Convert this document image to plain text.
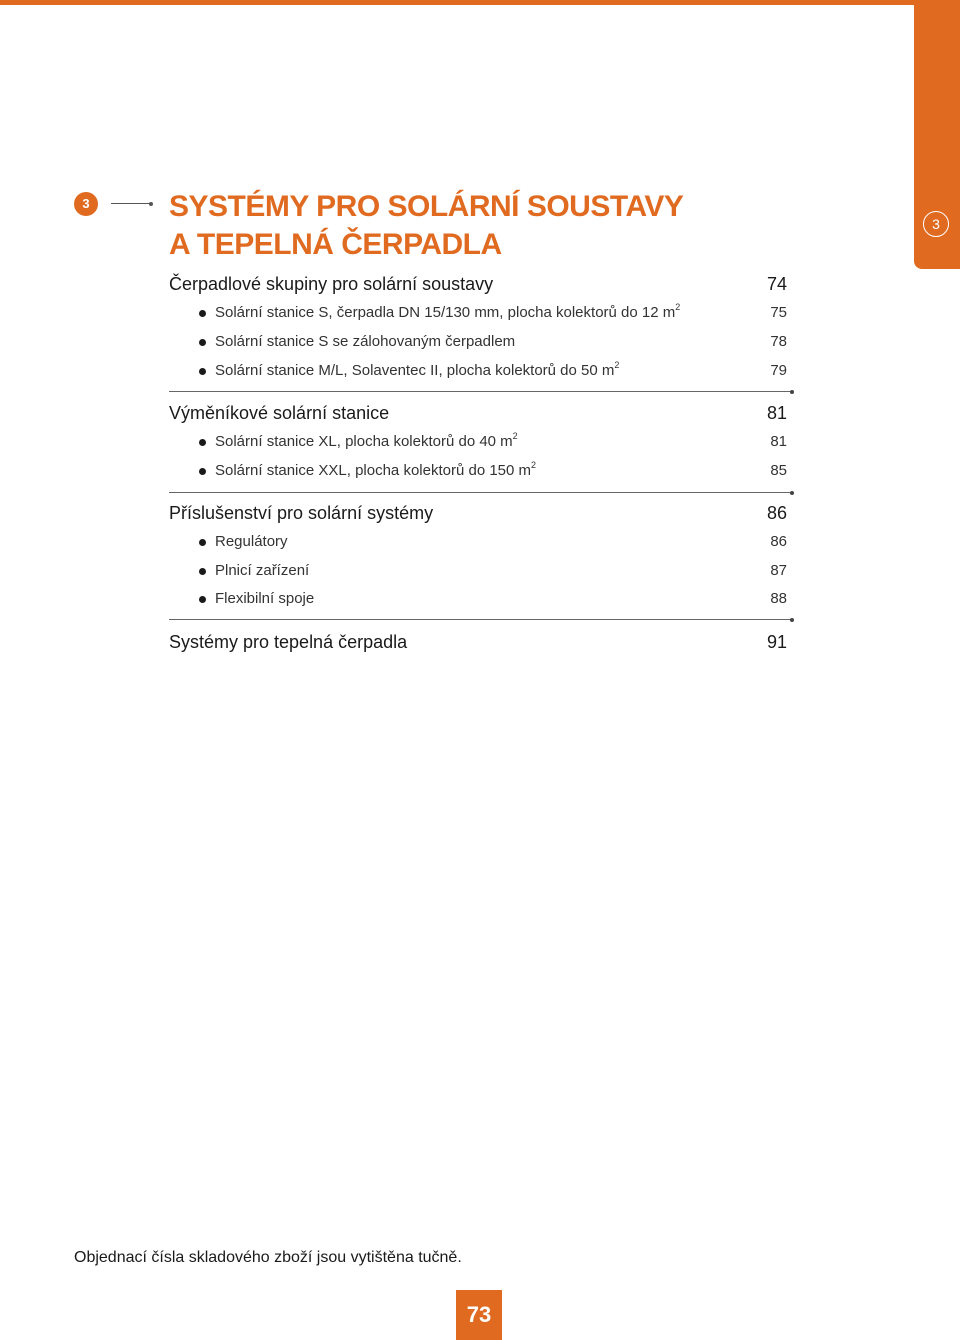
3
3	SYSTÉMY PRO SOLÁRNÍ SOUSTAVY
A TEPELNÁ ČERPADLA
Čerpadlové skupiny pro solární soustavy	74
Solární stanice S, čerpadla DN 15/130 mm, plocha kolektorů do 12 $m^2$	75
Solární stanice S se zálohovaným čerpadlem	78
Solární stanice M/L, Solaventec II, plocha kolektorů do 50 $m^2$	79
Výměníkové solární stanice	81
Solární stanice XL, plocha kolektorů do 40 $m^2$	81
Solární stanice XXL, plocha kolektorů do 150 $m^2$	85
Příslušenství pro solární systémy	86
Regulátory	86
Plnicí zařízení	87
Flexibilní spoje	88
Systémy pro tepelná čerpadla	91

Objednací čísla skladového zboží jsou vytištěna tučně.

73
